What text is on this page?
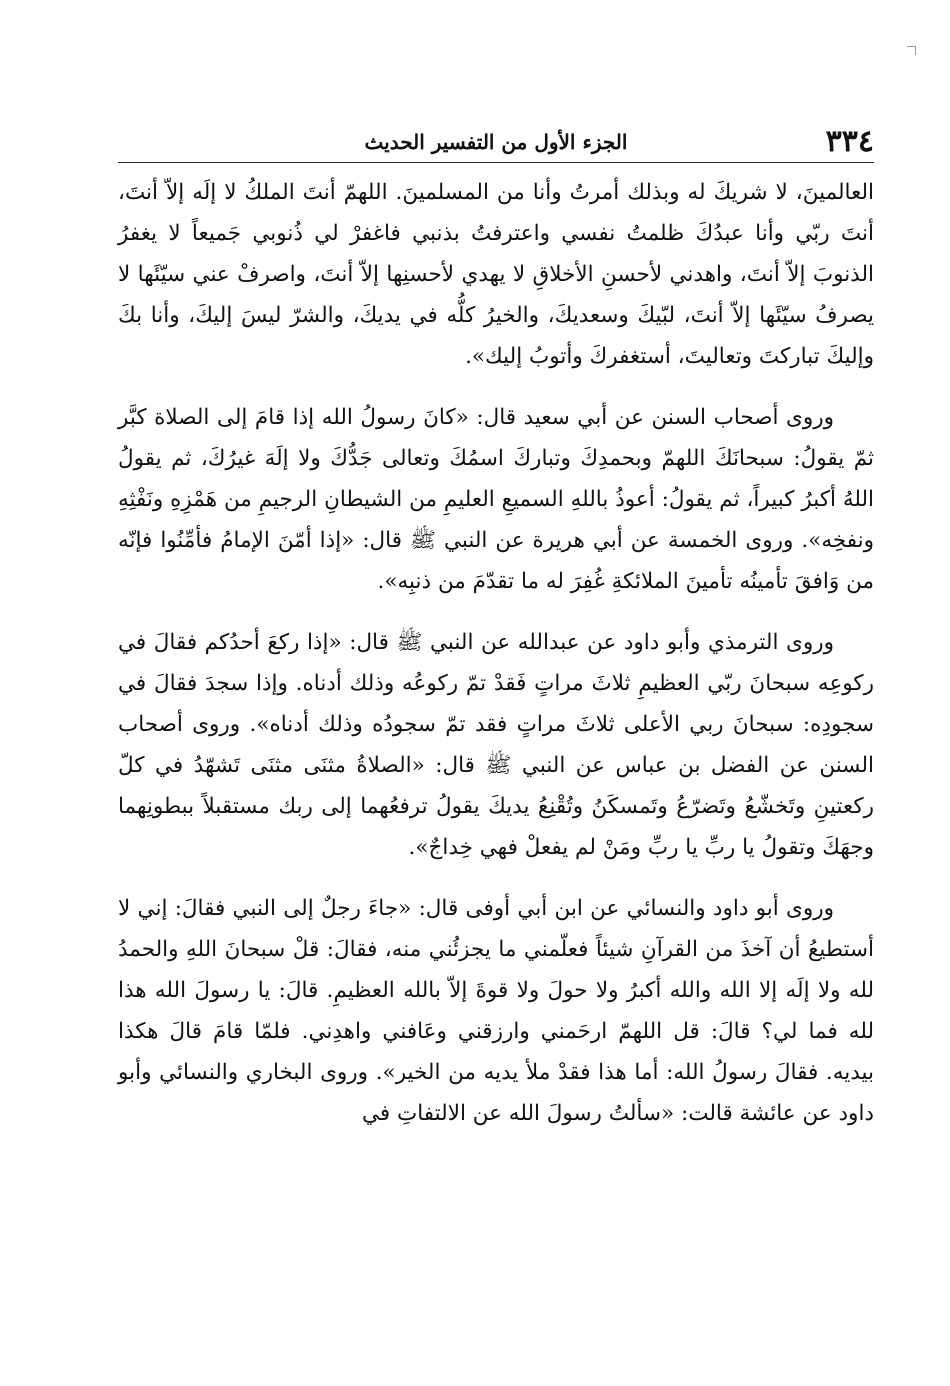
٣٣٤
الجزء الأول من التفسير الحديث

العالمينَ، لا شريكَ له وبذلك أمرتُ وأنا من المسلمينَ. اللهمّ أنتَ الملكُ لا إلَه إلاّ أنتَ، أنتَ ربّي وأنا عبدُكَ ظلمتُ نفسي واعترفتُ بذنبي فاغفرْ لي ذُنوبي جَميعاً لا يغفرُ الذنوبَ إلاّ أنتَ، واهدني لأحسنِ الأخلاقِ لا يهدي لأحسنِها إلاّ أنتَ، واصرفْ عني سيّئَها لا يصرفُ سيّئَها إلاّ أنتَ، لبّيكَ وسعديكَ، والخيرُ كلُّه في يديكَ، والشرّ ليسَ إليكَ، وأنا بكَ وإليكَ تباركتَ وتعاليتَ، أستغفركَ وأتوبُ إليك».

وروى أصحاب السنن عن أبي سعيد قال: «كانَ رسولُ الله إذا قامَ إلى الصلاة كبَّر ثمّ يقولُ: سبحانَكَ اللهمّ وبحمدِكَ وتباركَ اسمُكَ وتعالى جَدُّكَ ولا إلَهَ غيرُكَ، ثم يقولُ اللهُ أكبرُ كبيراً، ثم يقولُ: أعوذُ باللهِ السميعِ العليمِ من الشيطانِ الرجيمِ من هَمْزِهِ ونَفْثِهِ ونفخِه». وروى الخمسة عن أبي هريرة عن النبي ﷺ قال: «إذا أمّنَ الإمامُ فأمِّنُوا فإنّه من وَافقَ تأمينُه تأمينَ الملائكةِ غُفِرَ له ما تقدّمَ من ذنبِه».

وروى الترمذي وأبو داود عن عبدالله عن النبي ﷺ قال: «إذا ركعَ أحدُكم فقالَ في ركوعِه سبحانَ ربّي العظيمِ ثلاثَ مراتٍ فَقدْ تمّ ركوعُه وذلك أدناه. وإذا سجدَ فقالَ في سجودِه: سبحانَ ربي الأعلى ثلاثَ مراتٍ فقد تمّ سجودُه وذلك أدناه». وروى أصحاب السنن عن الفضل بن عباس عن النبي ﷺ قال: «الصلاةُ مثنَى مثنَى تَشهّدُ في كلّ ركعتينِ وتَخشّعُ وتَضرّعُ وتَمسكَنُ وتُقْنِعُ يديكَ يقولُ ترفعُهما إلى ربك مستقبلاً ببطونِهما وجهَكَ وتقولُ يا ربِّ يا ربِّ ومَنْ لم يفعلْ فهي خِداجٌ».

وروى أبو داود والنسائي عن ابن أبي أوفى قال: «جاءَ رجلٌ إلى النبي فقالَ: إني لا أستطيعُ أن آخذَ من القرآنِ شيئاً فعلّمني ما يجزئُني منه، فقالَ: قلْ سبحانَ اللهِ والحمدُ لله ولا إلَه إلا الله والله أكبرُ ولا حولَ ولا قوةَ إلاّ بالله العظيمِ. قالَ: يا رسولَ الله هذا لله فما لي؟ قالَ: قل اللهمّ ارحَمني وارزقني وعَافني واهدِني. فلمّا قامَ قالَ هكذا بيديه. فقالَ رسولُ الله: أما هذا فقدْ ملأ يديه من الخير». وروى البخاري والنسائي وأبو داود عن عائشة قالت: «سألتُ رسولَ الله عن الالتفاتِ في
